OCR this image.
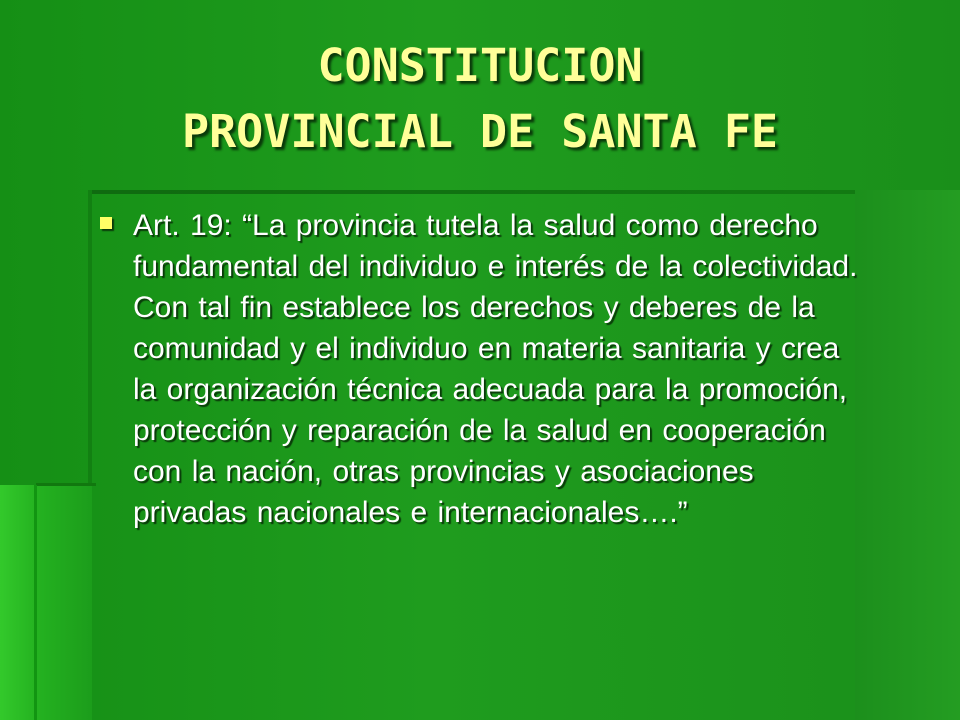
CONSTITUCION
PROVINCIAL DE SANTA FE
Art. 19: “La provincia tutela la salud como derecho fundamental del individuo e interés de la colectividad. Con tal fin establece los derechos y deberes de la comunidad y el individuo en materia sanitaria y crea la organización técnica adecuada para la promoción, protección y reparación de la salud en cooperación con la nación, otras provincias y asociaciones privadas nacionales e internacionales….”
